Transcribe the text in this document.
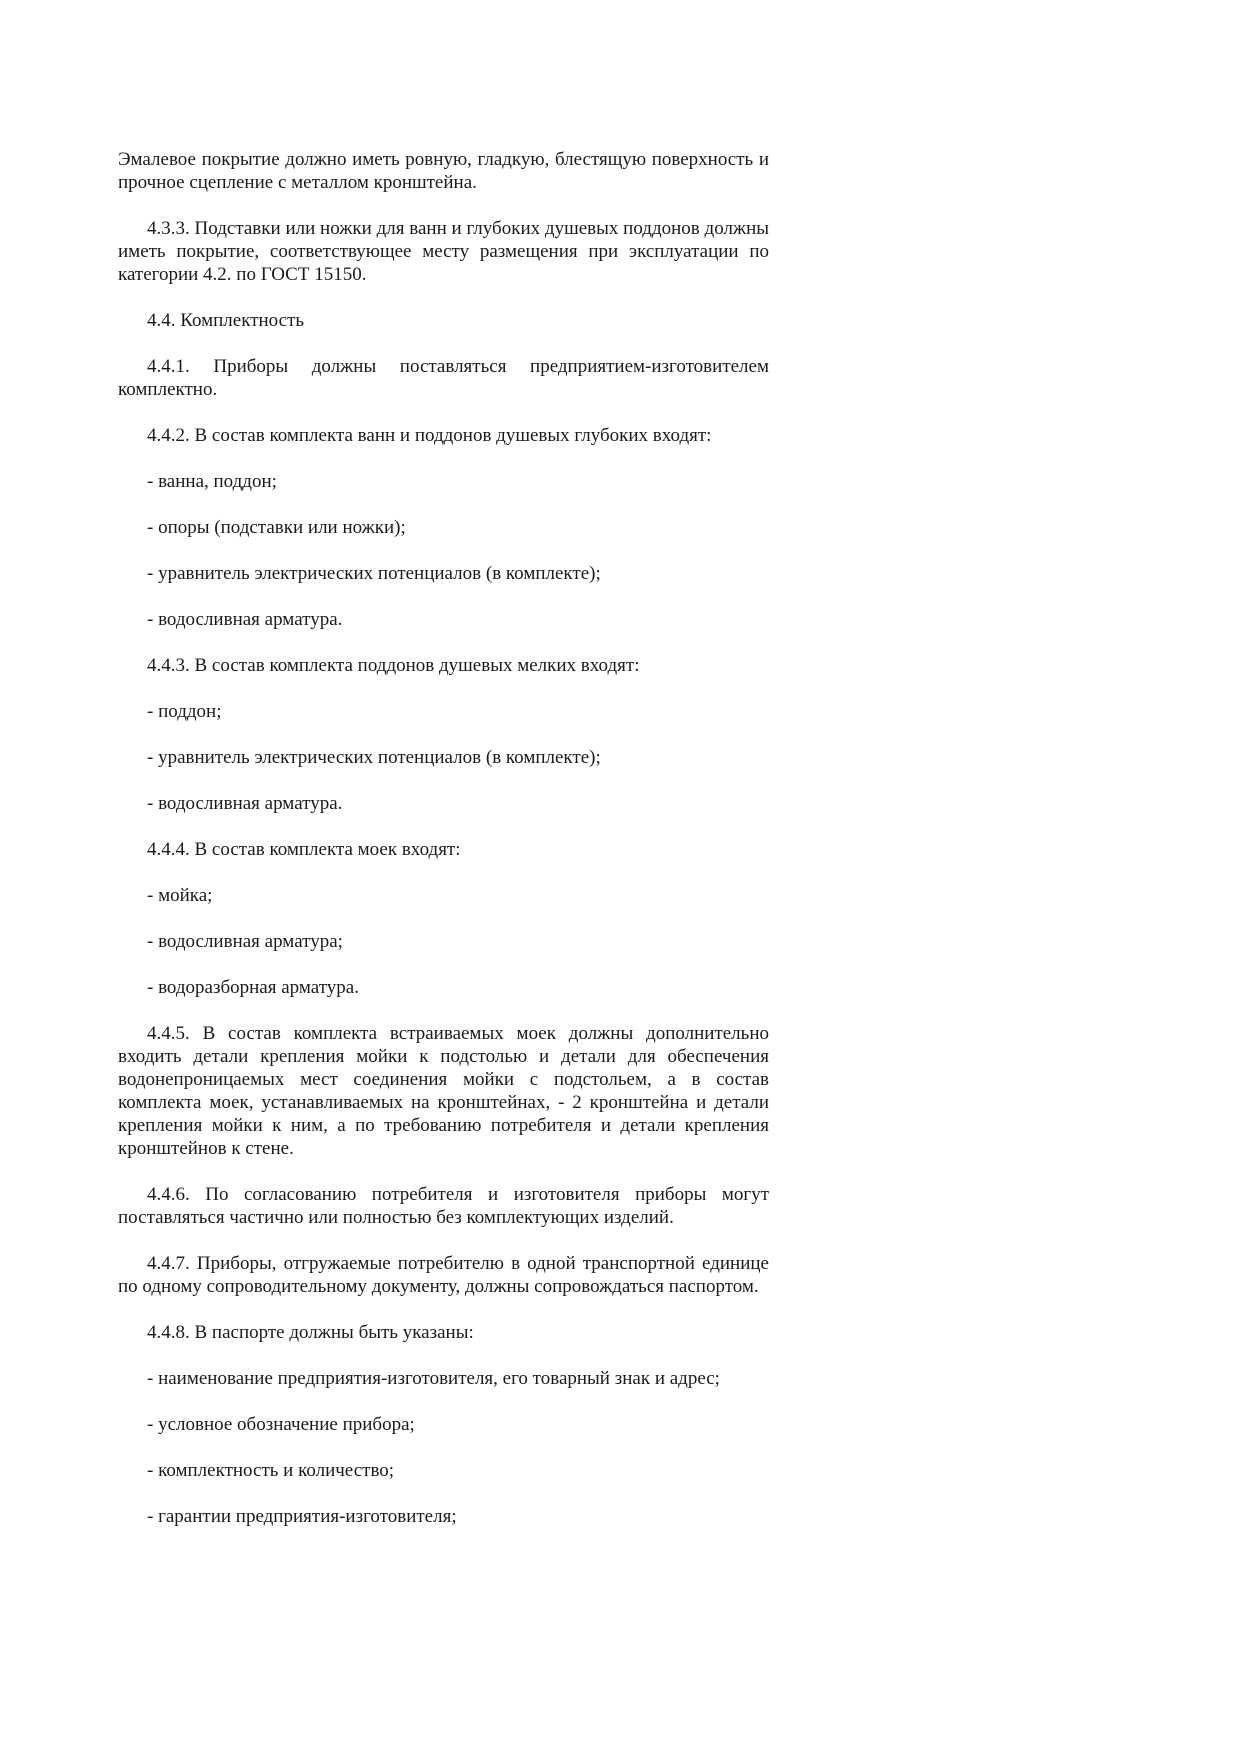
Эмалевое покрытие должно иметь ровную, гладкую, блестящую поверхность и прочное сцепление с металлом кронштейна.

4.3.3. Подставки или ножки для ванн и глубоких душевых поддонов должны иметь покрытие, соответствующее месту размещения при эксплуатации по категории 4.2. по ГОСТ 15150.

4.4. Комплектность

4.4.1. Приборы должны поставляться предприятием-изготовителем комплектно.

4.4.2. В состав комплекта ванн и поддонов душевых глубоких входят:

- ванна, поддон;

- опоры (подставки или ножки);

- уравнитель электрических потенциалов (в комплекте);

- водосливная арматура.

4.4.3. В состав комплекта поддонов душевых мелких входят:

- поддон;

- уравнитель электрических потенциалов (в комплекте);

- водосливная арматура.

4.4.4. В состав комплекта моек входят:

- мойка;

- водосливная арматура;

- водоразборная арматура.

4.4.5. В состав комплекта встраиваемых моек должны дополнительно входить детали крепления мойки к подстолью и детали для обеспечения водонепроницаемых мест соединения мойки с подстольем, а в состав комплекта моек, устанавливаемых на кронштейнах, - 2 кронштейна и детали крепления мойки к ним, а по требованию потребителя и детали крепления кронштейнов к стене.

4.4.6. По согласованию потребителя и изготовителя приборы могут поставляться частично или полностью без комплектующих изделий.

4.4.7. Приборы, отгружаемые потребителю в одной транспортной единице по одному сопроводительному документу, должны сопровождаться паспортом.

4.4.8. В паспорте должны быть указаны:

- наименование предприятия-изготовителя, его товарный знак и адрес;

- условное обозначение прибора;

- комплектность и количество;

- гарантии предприятия-изготовителя;
